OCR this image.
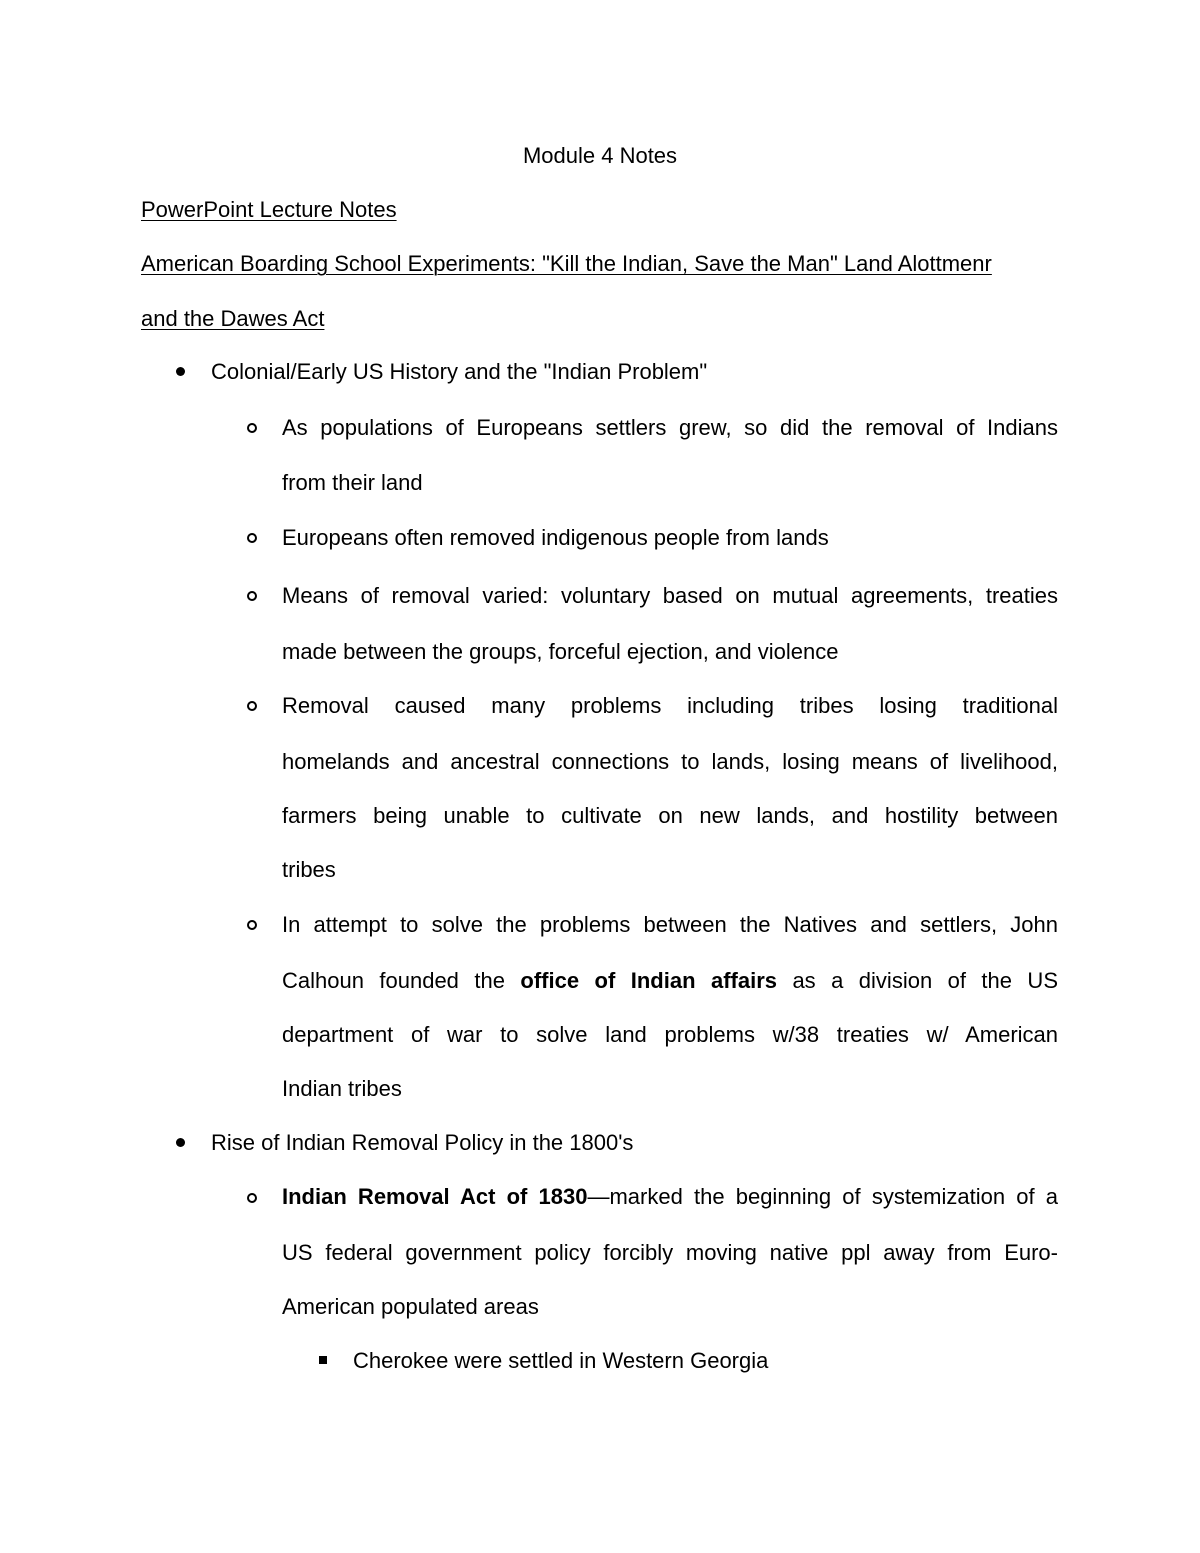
Module 4 Notes
PowerPoint Lecture Notes
American Boarding School Experiments: "Kill the Indian, Save the Man" Land Alottmenr
and the Dawes Act
Colonial/Early US History and the "Indian Problem"
As populations of Europeans settlers grew, so did the removal of Indians
from their land
Europeans often removed indigenous people from lands
Means of removal varied: voluntary based on mutual agreements, treaties
made between the groups, forceful ejection, and violence
Removal caused many problems including tribes losing traditional
homelands and ancestral connections to lands, losing means of livelihood,
farmers being unable to cultivate on new lands, and hostility between
tribes
In attempt to solve the problems between the Natives and settlers, John
Calhoun founded the office of Indian affairs as a division of the US
department of war to solve land problems w/38 treaties w/ American
Indian tribes
Rise of Indian Removal Policy in the 1800's
Indian Removal Act of 1830—marked the beginning of systemization of a
US federal government policy forcibly moving native ppl away from Euro-
American populated areas
Cherokee were settled in Western Georgia
